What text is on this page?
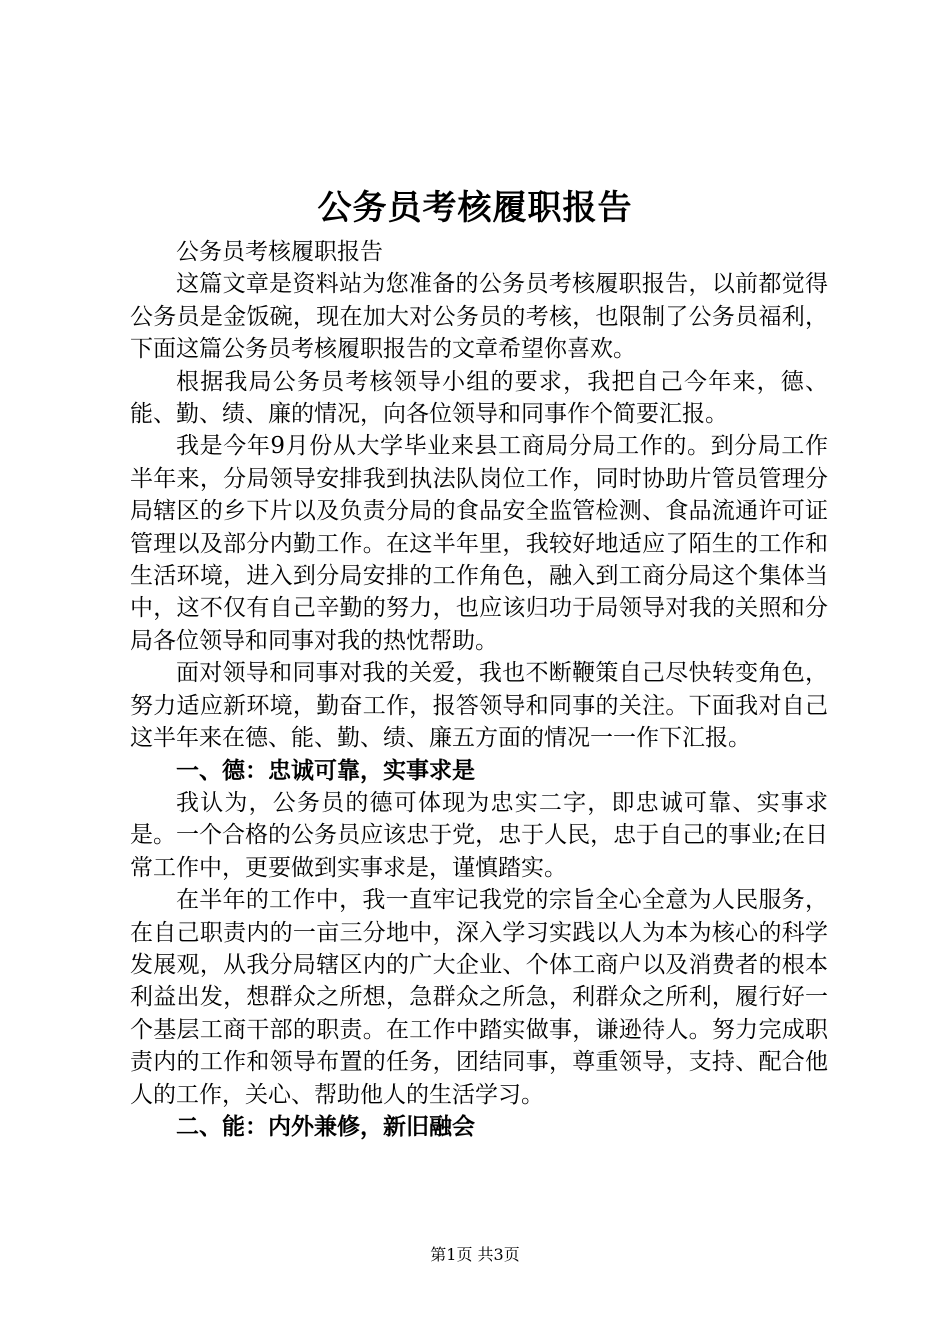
公务员考核履职报告

公务员考核履职报告

这篇文章是资料站为您准备的公务员考核履职报告，以前都觉得公务员是金饭碗，现在加大对公务员的考核，也限制了公务员福利，下面这篇公务员考核履职报告的文章希望你喜欢。

根据我局公务员考核领导小组的要求，我把自己今年来，德、能、勤、绩、廉的情况，向各位领导和同事作个简要汇报。

我是今年9月份从大学毕业来县工商局分局工作的。到分局工作半年来，分局领导安排我到执法队岗位工作，同时协助片管员管理分局辖区的乡下片以及负责分局的食品安全监管检测、食品流通许可证管理以及部分内勤工作。在这半年里，我较好地适应了陌生的工作和生活环境，进入到分局安排的工作角色，融入到工商分局这个集体当中，这不仅有自己辛勤的努力，也应该归功于局领导对我的关照和分局各位领导和同事对我的热忱帮助。

面对领导和同事对我的关爱，我也不断鞭策自己尽快转变角色，努力适应新环境，勤奋工作，报答领导和同事的关注。下面我对自己这半年来在德、能、勤、绩、廉五方面的情况一一作下汇报。

一、德：忠诚可靠，实事求是

我认为，公务员的德可体现为忠实二字，即忠诚可靠、实事求是。一个合格的公务员应该忠于党，忠于人民，忠于自己的事业;在日常工作中，更要做到实事求是，谨慎踏实。

在半年的工作中，我一直牢记我党的宗旨全心全意为人民服务，在自己职责内的一亩三分地中，深入学习实践以人为本为核心的科学发展观，从我分局辖区内的广大企业、个体工商户以及消费者的根本利益出发，想群众之所想，急群众之所急，利群众之所利，履行好一个基层工商干部的职责。在工作中踏实做事，谦逊待人。努力完成职责内的工作和领导布置的任务，团结同事，尊重领导，支持、配合他人的工作，关心、帮助他人的生活学习。

二、能：内外兼修，新旧融会

第1页 共3页
